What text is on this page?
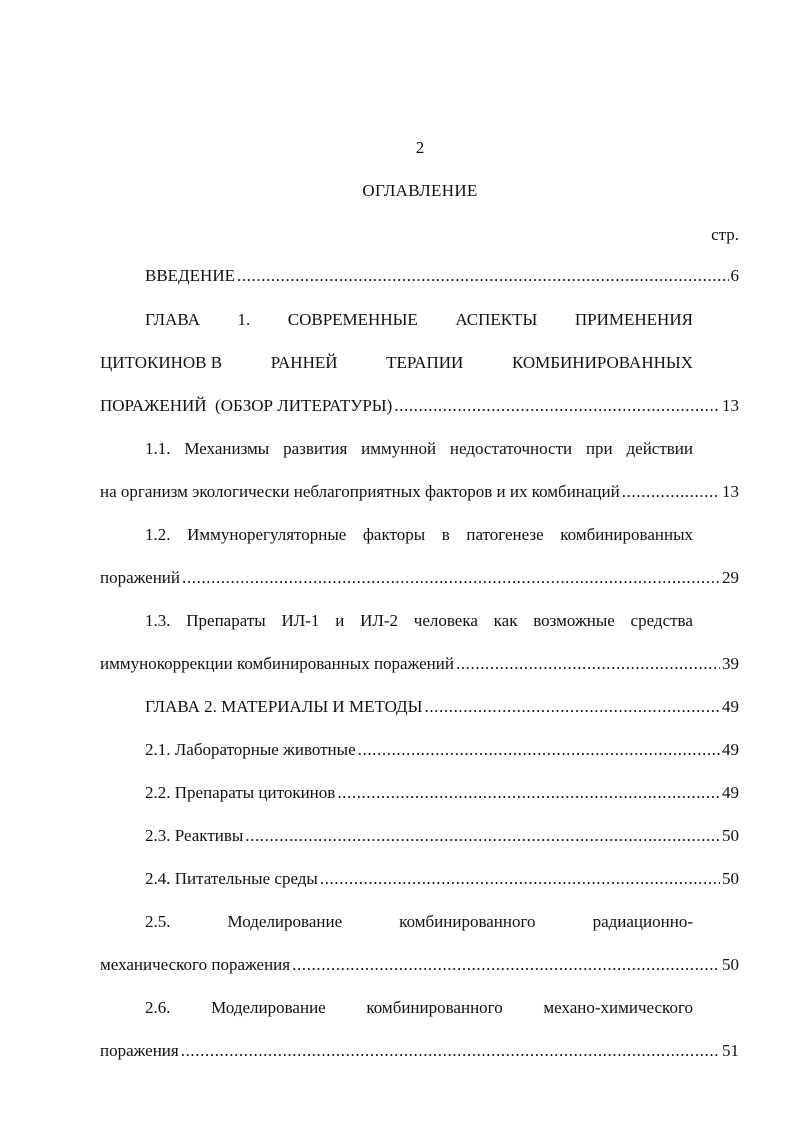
2
ОГЛАВЛЕНИЕ
стр.
ВВЕДЕНИЕ .....	6
ГЛАВА 1. СОВРЕМЕННЫЕ АСПЕКТЫ ПРИМЕНЕНИЯ
ЦИТОКИНОВ В	РАННЕЙ	ТЕРАПИИ	КОМБИНИРОВАННЫХ
ПОРАЖЕНИЙ  (ОБЗОР ЛИТЕРАТУРЫ) .....	13
1.1. Механизмы развития иммунной недостаточности при действии
на организм экологически неблагоприятных факторов и их комбинаций .....	13
1.2. Иммунорегуляторные факторы в патогенезе комбинированных
поражений .....	29
1.3. Препараты ИЛ-1 и ИЛ-2 человека как возможные средства
иммунокоррекции комбинированных поражений .....	39
ГЛАВА 2. МАТЕРИАЛЫ И МЕТОДЫ .....	49
2.1. Лабораторные животные .....	49
2.2. Препараты цитокинов .....	49
2.3. Реактивы .....	50
2.4. Питательные среды .....	50
2.5.	Моделирование	комбинированного	радиационно-
механического поражения .....	50
2.6. Моделирование комбинированного механо-химического
поражения .....	51
